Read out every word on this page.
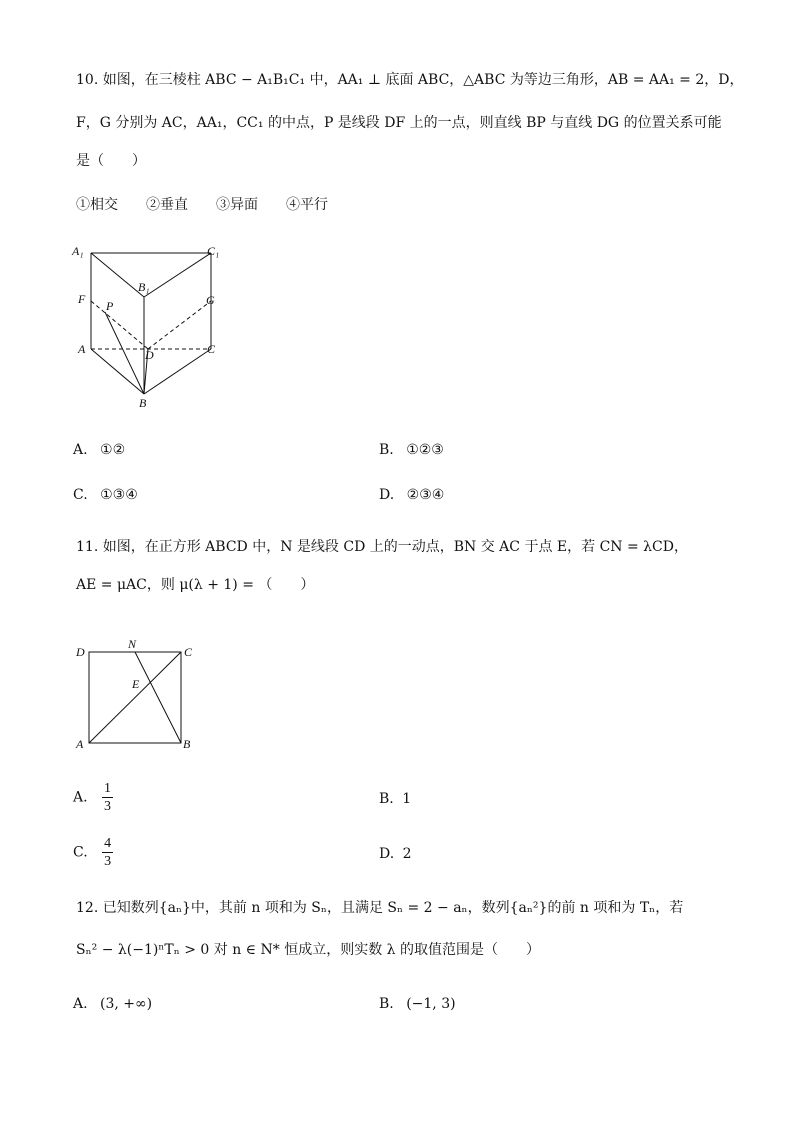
10. 如图，在三棱柱 ABC − A₁B₁C₁ 中，AA₁ ⊥ 底面 ABC，△ABC 为等边三角形，AB = AA₁ = 2，D，
F，G 分别为 AC，AA₁，CC₁ 的中点，P 是线段 DF 上的一点，则直线 BP 与直线 DG 的位置关系可能
是（　　）
①相交　　②垂直　　③异面　　④平行
A₁	C₁
B₁
F P	G
A	D	C
B
A. ①②	B. ①②③
C. ①③④	D. ②③④
11. 如图，在正方形 ABCD 中，N 是线段 CD 上的一动点，BN 交 AC 于点 E，若 CN = λCD，
AE = μAC，则 μ(λ + 1) = （　　）
D
N
C
E
A	B
A. $\frac{1}{3}$	B. 1
C. $\frac{4}{3}$	D. 2
12. 已知数列{aₙ}中，其前 n 项和为 Sₙ，且满足 Sₙ = 2 − aₙ，数列{aₙ²}的前 n 项和为 Tₙ，若
Sₙ² − λ(−1)ⁿTₙ > 0 对 n ∈ N* 恒成立，则实数 λ 的取值范围是（　　）
A. (3, +∞)	B. (−1, 3)
